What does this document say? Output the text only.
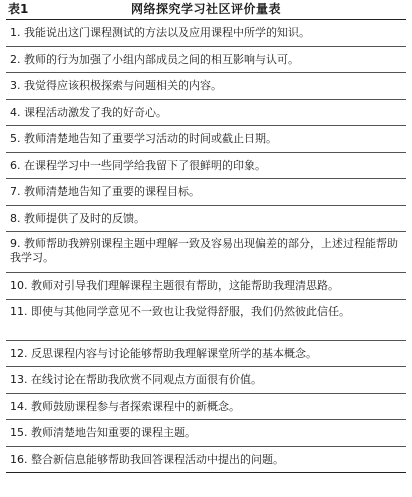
表1	网络探究学习社区评价量表
1. 我能说出这门课程测试的方法以及应用课程中所学的知识。
2. 教师的行为加强了小组内部成员之间的相互影响与认可。
3. 我觉得应该积极探索与问题相关的内容。
4. 课程活动激发了我的好奇心。
5. 教师清楚地告知了重要学习活动的时间或截止日期。
6. 在课程学习中一些同学给我留下了很鲜明的印象。
7. 教师清楚地告知了重要的课程目标。
8. 教师提供了及时的反馈。
9. 教师帮助我辨别课程主题中理解一致及容易出现偏差的部分，上述过程能帮助我学习。
10. 教师对引导我们理解课程主题很有帮助，这能帮助我理清思路。
11. 即使与其他同学意见不一致也让我觉得舒服，我们仍然彼此信任。
12. 反思课程内容与讨论能够帮助我理解课堂所学的基本概念。
13. 在线讨论在帮助我欣赏不同观点方面很有价值。
14. 教师鼓励课程参与者探索课程中的新概念。
15. 教师清楚地告知重要的课程主题。
16. 整合新信息能够帮助我回答课程活动中提出的问题。
